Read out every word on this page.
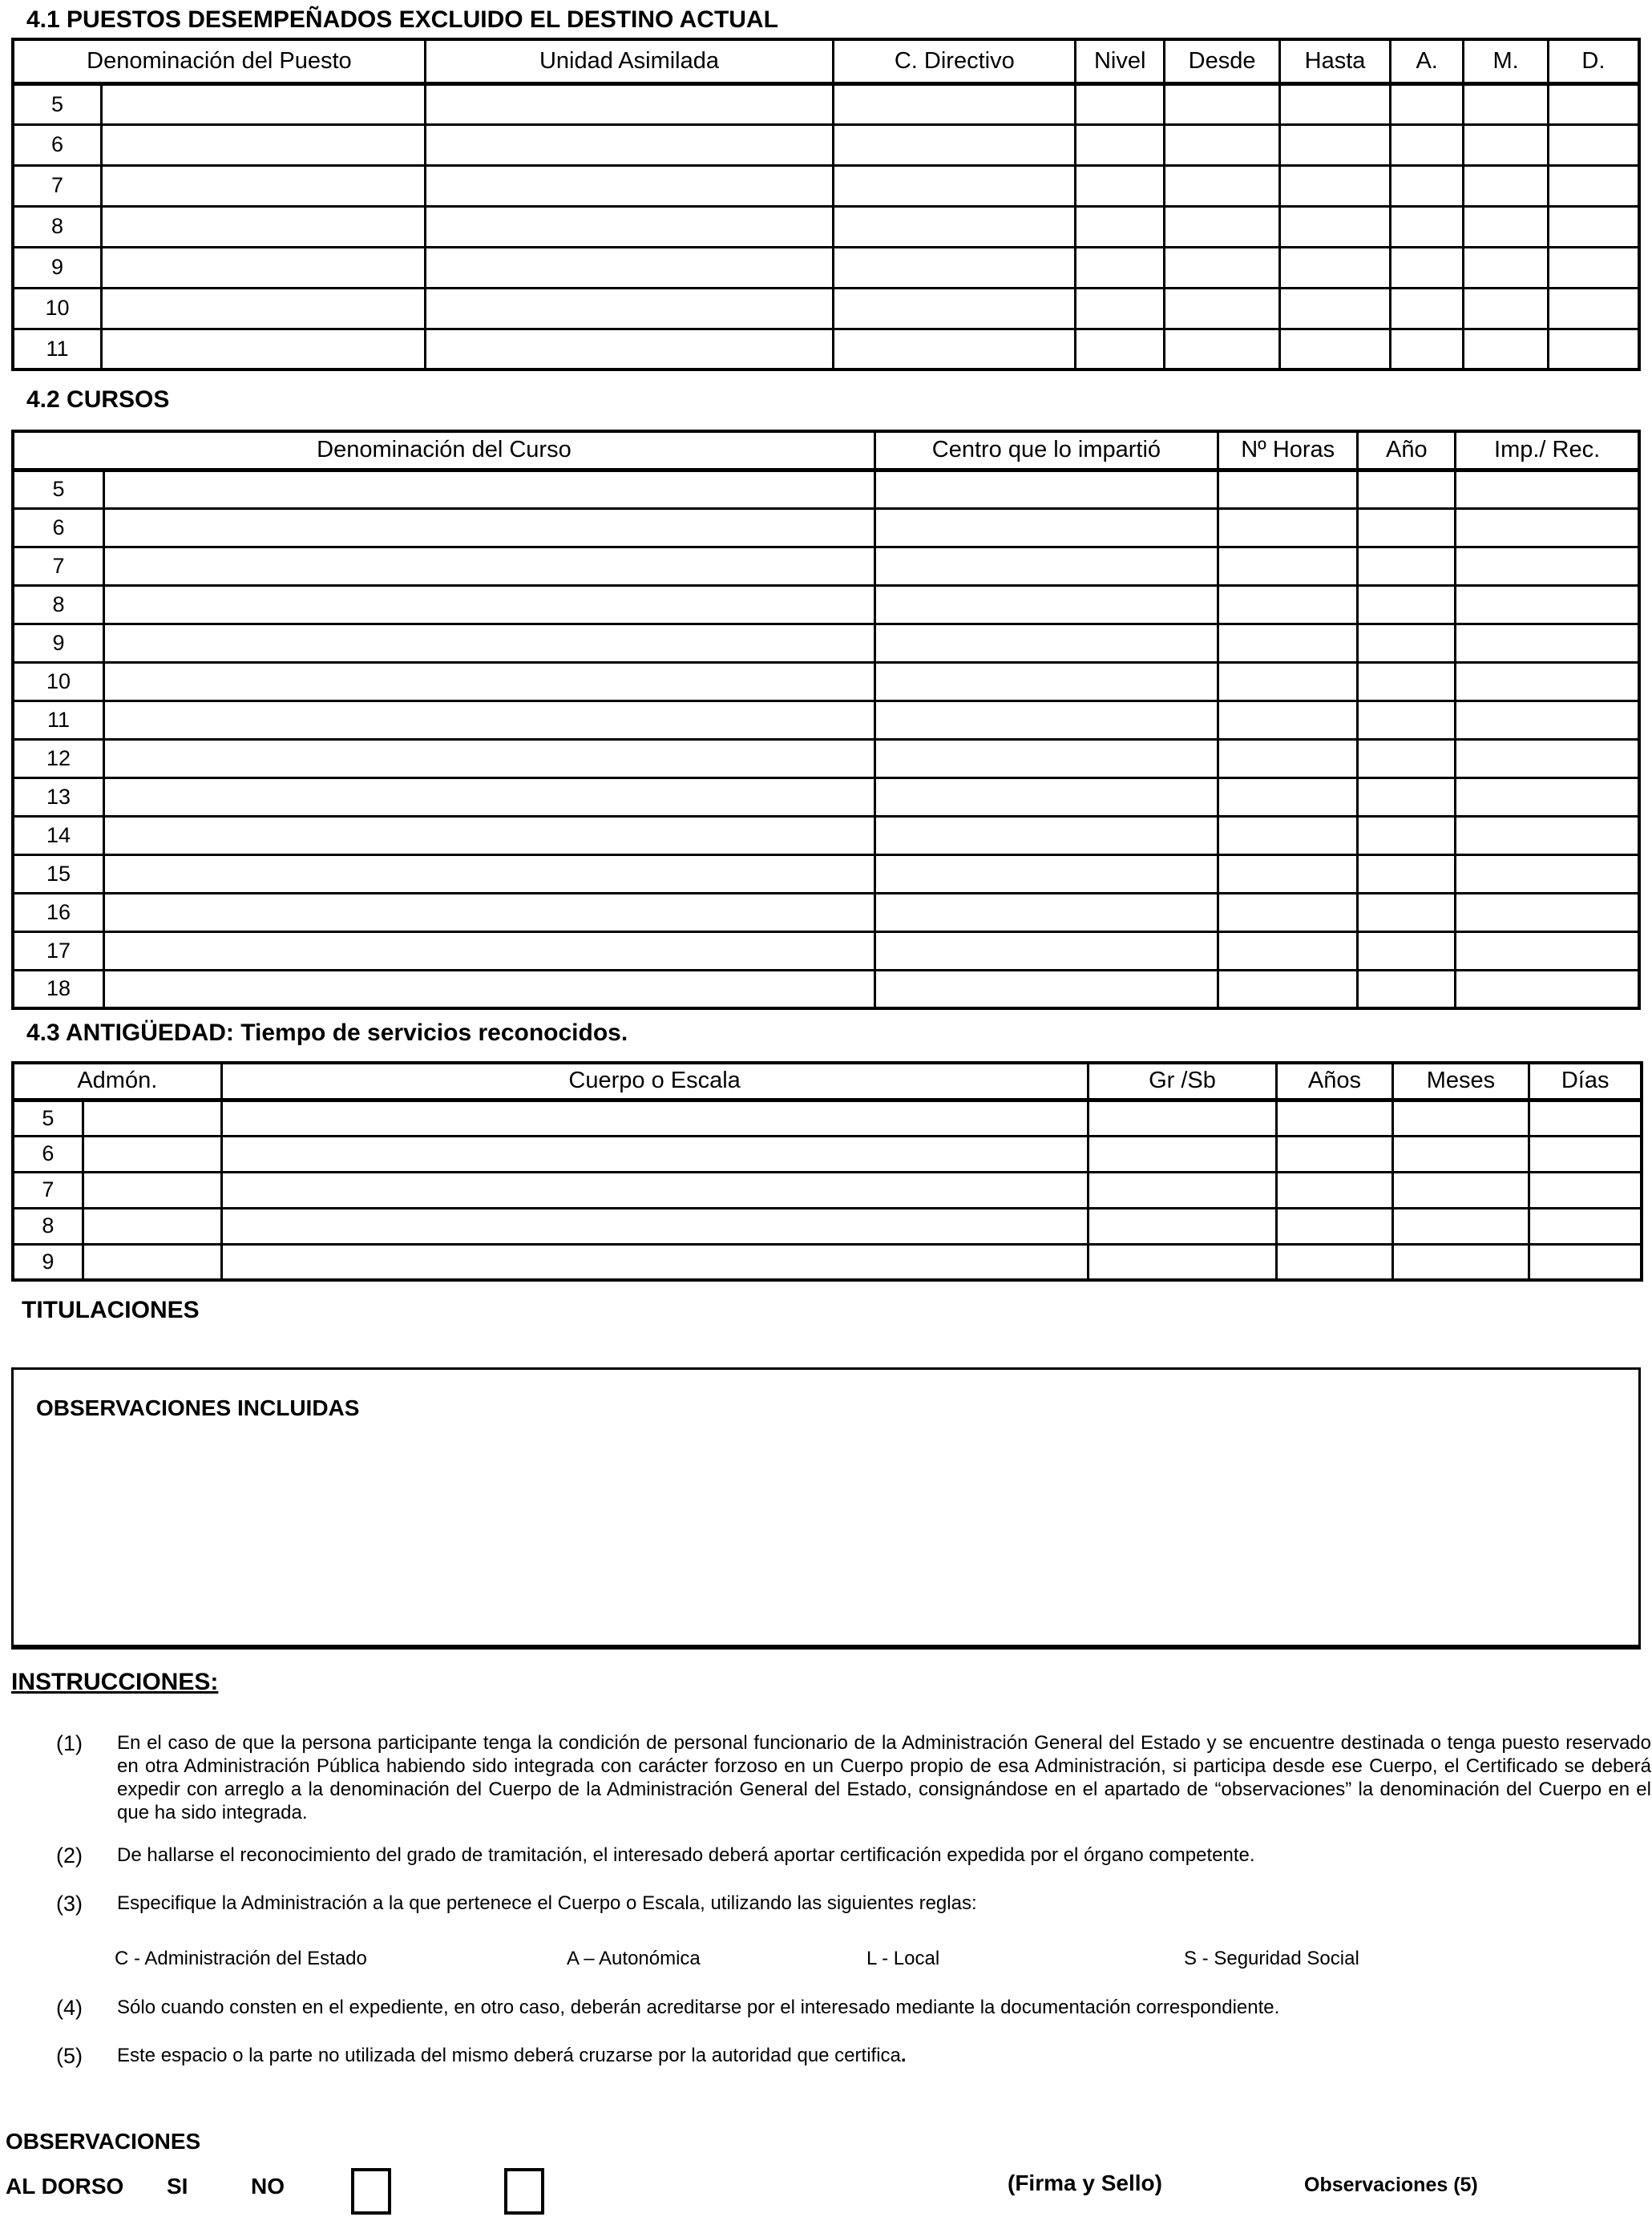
4.1 PUESTOS DESEMPEÑADOS EXCLUIDO EL DESTINO ACTUAL
Denominación del Puesto		Unidad Asimilada	C. Directivo	Nivel	Desde	Hasta	A.	M.	D.
5									
6									
7									
8									
9									
10									
11									
4.2 CURSOS
Denominación del Curso		Centro que lo impartió	Nº Horas	Año	Imp./ Rec.
5					
6					
7					
8					
9					
10					
11					
12					
13					
14					
15					
16					
17					
18					
4.3 ANTIGÜEDAD: Tiempo de servicios reconocidos.
Admón.		Cuerpo o Escala	Gr /Sb	Años	Meses	Días
5						
6						
7						
8						
9						
TITULACIONES
OBSERVACIONES INCLUIDAS
INSTRUCCIONES:
(1)	En el caso de que la persona participante tenga la condición de personal funcionario de la Administración General del Estado y se encuentre destinada o tenga puesto reservado en otra Administración Pública habiendo sido integrada con carácter forzoso en un Cuerpo propio de esa Administración, si participa desde ese Cuerpo, el Certificado se deberá expedir con arreglo a la denominación del Cuerpo de la Administración General del Estado, consignándose en el apartado de “observaciones” la denominación del Cuerpo en el que ha sido integrada.
(2)	De hallarse el reconocimiento del grado de tramitación, el interesado deberá aportar certificación expedida por el órgano competente.
(3)	Especifique la Administración a la que pertenece el Cuerpo o Escala, utilizando las siguientes reglas:
C - Administración del Estado	A – Autonómica	L - Local	S - Seguridad Social
(4)	Sólo cuando consten en el expediente, en otro caso, deberán acreditarse por el interesado mediante la documentación correspondiente.
(5)	Este espacio o la parte no utilizada del mismo deberá cruzarse por la autoridad que certifica.
OBSERVACIONES
AL DORSO SI	NO	(Firma y Sello)	Observaciones (5)
